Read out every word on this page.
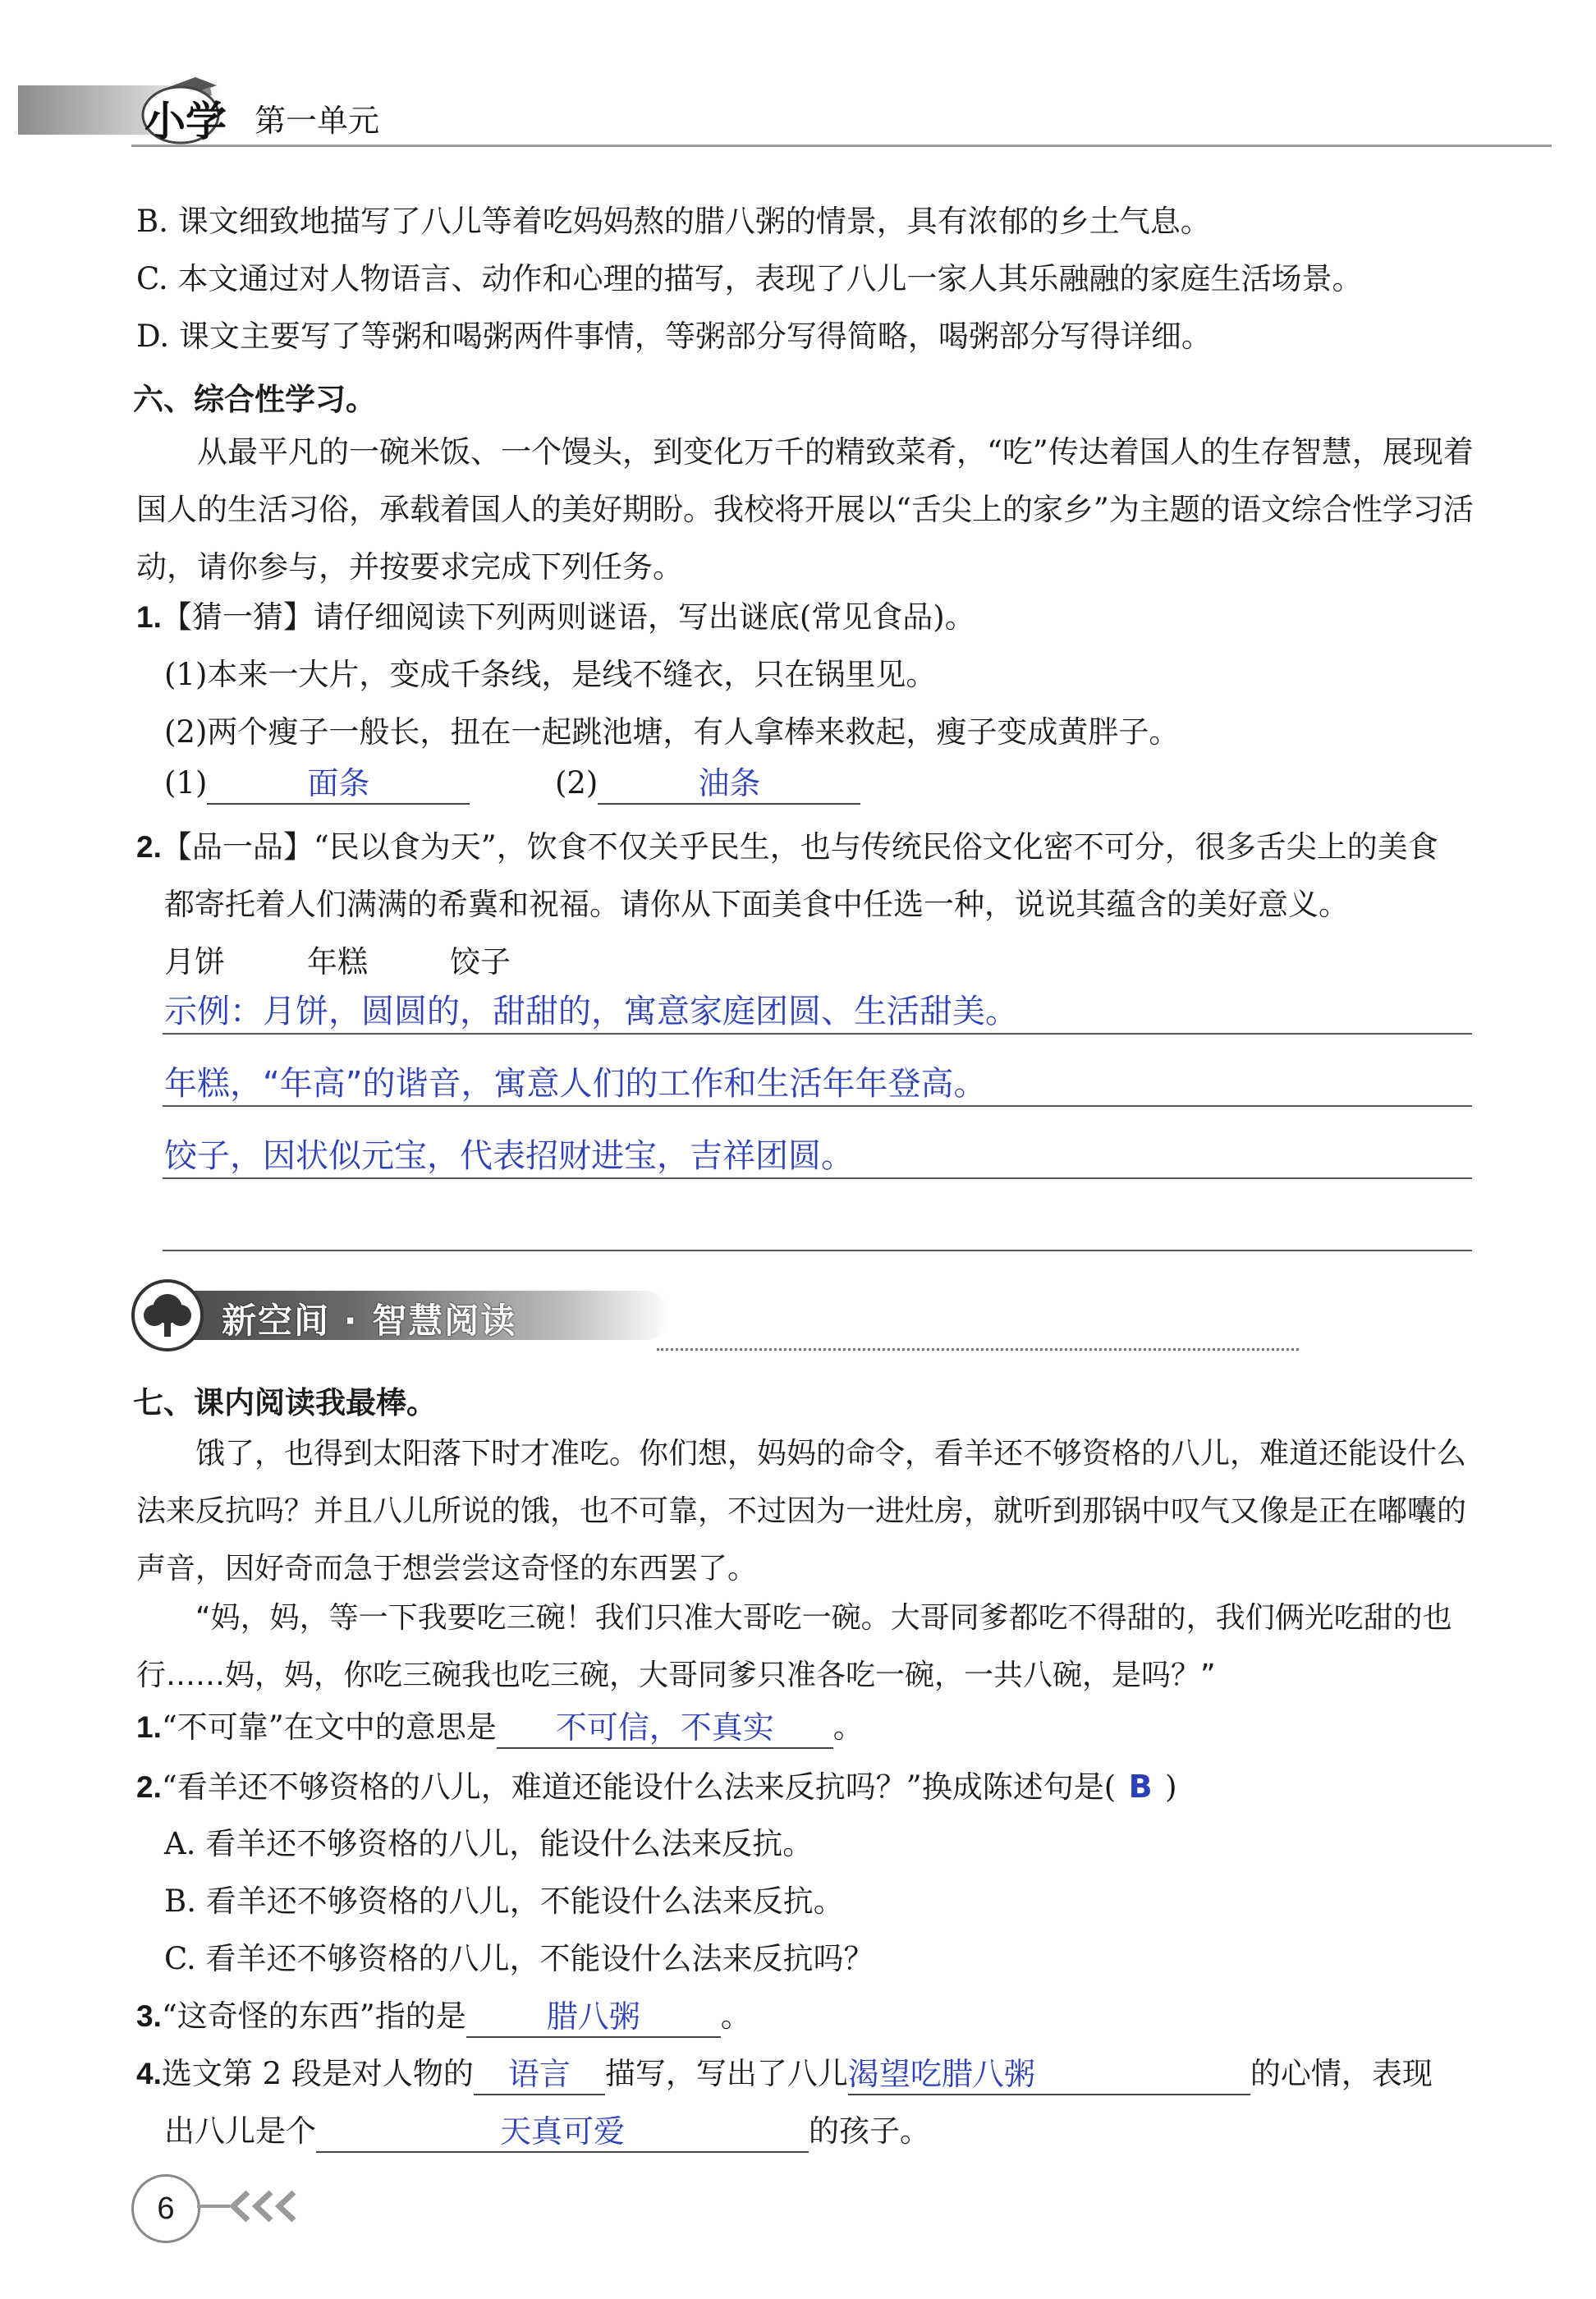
小学 第一单元
B. 课文细致地描写了八儿等着吃妈妈熬的腊八粥的情景，具有浓郁的乡土气息。
C. 本文通过对人物语言、动作和心理的描写，表现了八儿一家人其乐融融的家庭生活场景。
D. 课文主要写了等粥和喝粥两件事情，等粥部分写得简略，喝粥部分写得详细。
六、综合性学习。

从最平凡的一碗米饭、一个馒头，到变化万千的精致菜肴，“吃”传达着国人的生存智慧，展现着国人的生活习俗，承载着国人的美好期盼。我校将开展以“舌尖上的家乡”为主题的语文综合性学习活动，请你参与，并按要求完成下列任务。

1.【猜一猜】请仔细阅读下列两则谜语，写出谜底(常见食品)。
(1)本来一大片，变成千条线，是线不缝衣，只在锅里见。
(2)两个瘦子一般长，扭在一起跳池塘，有人拿棒来救起，瘦子变成黄胖子。
(1)	面条	(2)	油条
2.【品一品】“民以食为天”，饮食不仅关乎民生，也与传统民俗文化密不可分，很多舌尖上的美食
都寄托着人们满满的希冀和祝福。请你从下面美食中任选一种，说说其蕴含的美好意义。
月饼	年糕	饺子
示例：月饼，圆圆的，甜甜的，寓意家庭团圆、生活甜美。
年糕，“年高”的谐音，寓意人们的工作和生活年年登高。
饺子，因状似元宝，代表招财进宝，吉祥团圆。
新空间 · 智慧阅读
七、课内阅读我最棒。

饿了，也得到太阳落下时才准吃。你们想，妈妈的命令，看羊还不够资格的八儿，难道还能设什么法来反抗吗？并且八儿所说的饿，也不可靠，不过因为一进灶房，就听到那锅中叹气又像是正在嘟囔的声音，因好奇而急于想尝尝这奇怪的东西罢了。

“妈，妈，等一下我要吃三碗！我们只准大哥吃一碗。大哥同爹都吃不得甜的，我们俩光吃甜的也行……妈，妈，你吃三碗我也吃三碗，大哥同爹只准各吃一碗，一共八碗，是吗？”

1.“不可靠”在文中的意思是 不可信，不真实 。
2.“看羊还不够资格的八儿，难道还能设什么法来反抗吗？”换成陈述句是( B )
A. 看羊还不够资格的八儿，能设什么法来反抗。
B. 看羊还不够资格的八儿，不能设什么法来反抗。
C. 看羊还不够资格的八儿，不能设什么法来反抗吗？
3.“这奇怪的东西”指的是	腊八粥	。
4.选文第 2 段是对人物的 语言 描写，写出了八儿渴望吃腊八粥	的心情，表现
出八儿是个	天真可爱	的孩子。
6
